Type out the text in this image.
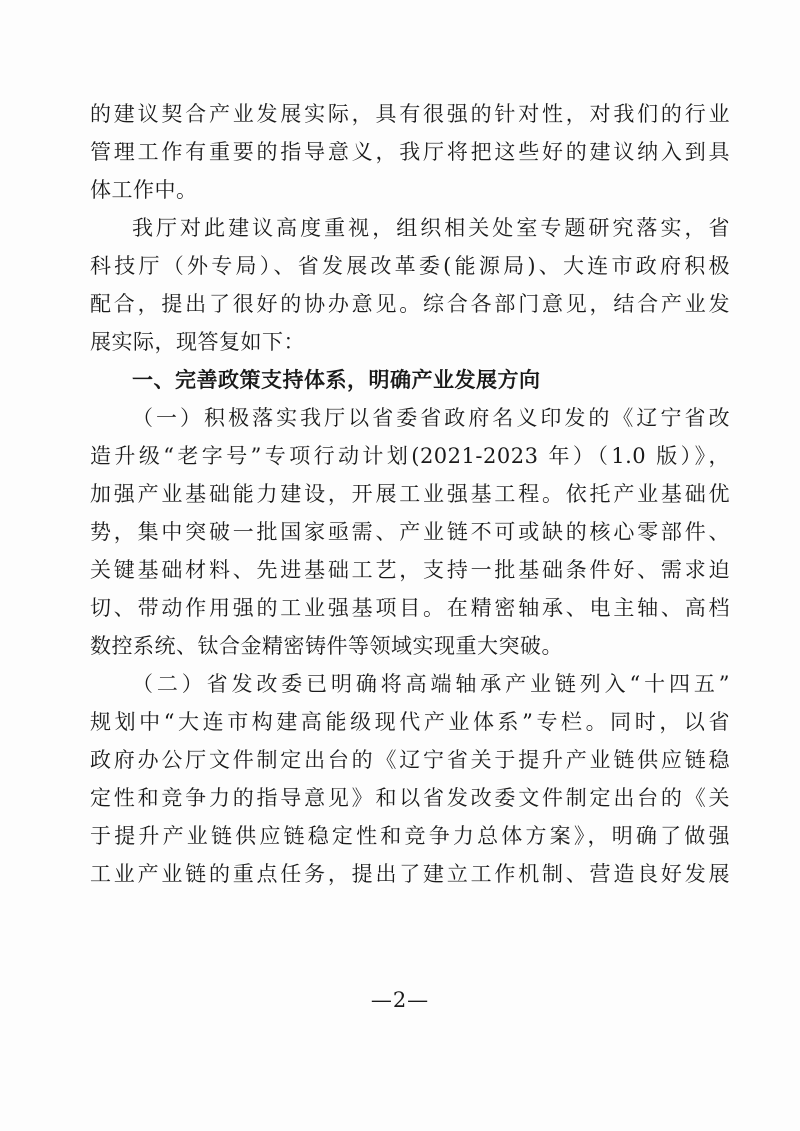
的建议契合产业发展实际，具有很强的针对性，对我们的行业
管理工作有重要的指导意义，我厅将把这些好的建议纳入到具
体工作中。
我厅对此建议高度重视，组织相关处室专题研究落实，省
科技厅（外专局）、省发展改革委(能源局)、大连市政府积极
配合，提出了很好的协办意见。综合各部门意见，结合产业发
展实际，现答复如下：
一、完善政策支持体系，明确产业发展方向
（一）积极落实我厅以省委省政府名义印发的《辽宁省改
造升级“老字号”专项行动计划(2021-2023 年）（1.0 版）》，
加强产业基础能力建设，开展工业强基工程。依托产业基础优
势，集中突破一批国家亟需、产业链不可或缺的核心零部件、
关键基础材料、先进基础工艺，支持一批基础条件好、需求迫
切、带动作用强的工业强基项目。在精密轴承、电主轴、高档
数控系统、钛合金精密铸件等领域实现重大突破。
（二）省发改委已明确将高端轴承产业链列入“十四五”
规划中“大连市构建高能级现代产业体系”专栏。同时，以省
政府办公厅文件制定出台的《辽宁省关于提升产业链供应链稳
定性和竞争力的指导意见》和以省发改委文件制定出台的《关
于提升产业链供应链稳定性和竞争力总体方案》，明确了做强
工业产业链的重点任务，提出了建立工作机制、营造良好发展
—2—
